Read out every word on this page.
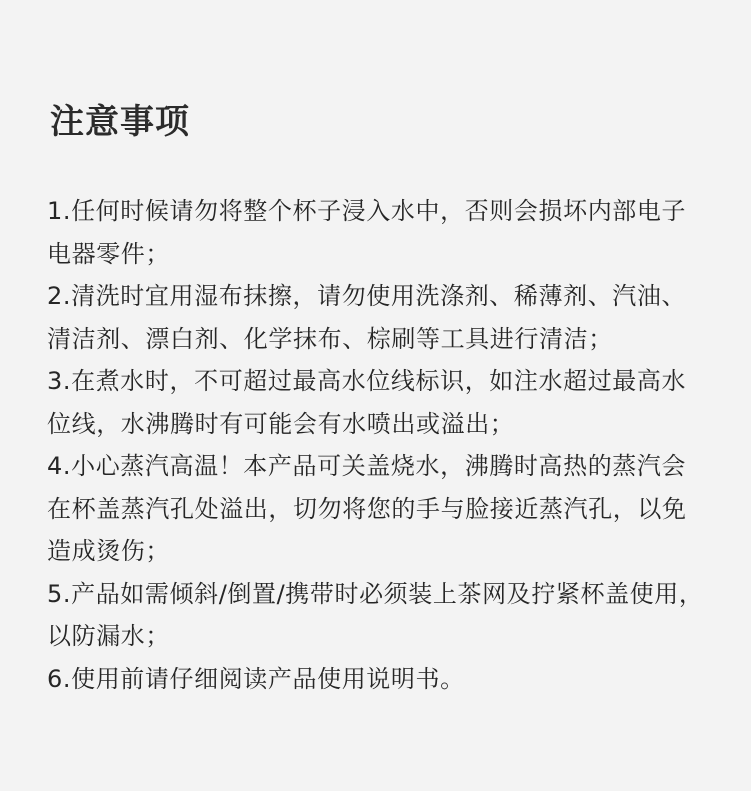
注意事项
1.任何时候请勿将整个杯子浸入水中，否则会损坏内部电子电器零件；
2.清洗时宜用湿布抹擦，请勿使用洗涤剂、稀薄剂、汽油、清洁剂、漂白剂、化学抹布、棕刷等工具进行清洁；
3.在煮水时，不可超过最高水位线标识，如注水超过最高水位线，水沸腾时有可能会有水喷出或溢出；
4.小心蒸汽高温！本产品可关盖烧水，沸腾时高热的蒸汽会在杯盖蒸汽孔处溢出，切勿将您的手与脸接近蒸汽孔，以免造成烫伤；
5.产品如需倾斜/倒置/携带时必须装上茶网及拧紧杯盖使用，以防漏水；
6.使用前请仔细阅读产品使用说明书。
